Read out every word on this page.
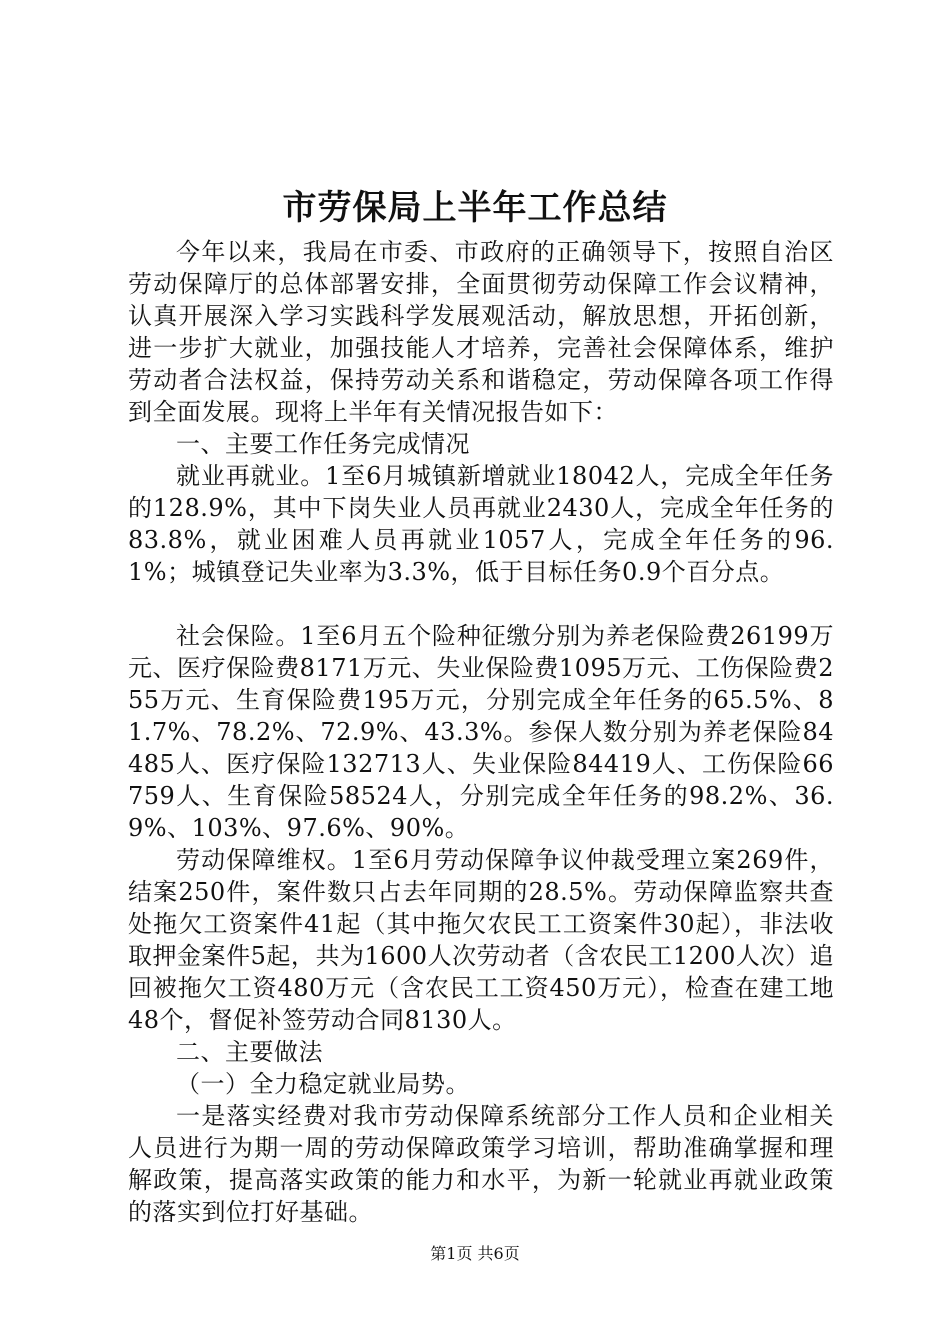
市劳保局上半年工作总结

今年以来，我局在市委、市政府的正确领导下，按照自治区劳动保障厅的总体部署安排，全面贯彻劳动保障工作会议精神，认真开展深入学习实践科学发展观活动，解放思想，开拓创新，进一步扩大就业，加强技能人才培养，完善社会保障体系，维护劳动者合法权益，保持劳动关系和谐稳定，劳动保障各项工作得到全面发展。现将上半年有关情况报告如下：

一、主要工作任务完成情况

就业再就业。1至6月城镇新增就业18042人，完成全年任务的128.9%，其中下岗失业人员再就业2430人，完成全年任务的83.8%，就业困难人员再就业1057人，完成全年任务的96.1%；城镇登记失业率为3.3%，低于目标任务0.9个百分点。

社会保险。1至6月五个险种征缴分别为养老保险费26199万元、医疗保险费8171万元、失业保险费1095万元、工伤保险费255万元、生育保险费195万元，分别完成全年任务的65.5%、81.7%、78.2%、72.9%、43.3%。参保人数分别为养老保险84485人、医疗保险132713人、失业保险84419人、工伤保险66759人、生育保险58524人，分别完成全年任务的98.2%、36.9%、103%、97.6%、90%。

劳动保障维权。1至6月劳动保障争议仲裁受理立案269件，结案250件，案件数只占去年同期的28.5%。劳动保障监察共查处拖欠工资案件41起（其中拖欠农民工工资案件30起），非法收取押金案件5起，共为1600人次劳动者（含农民工1200人次）追回被拖欠工资480万元（含农民工工资450万元），检查在建工地48个，督促补签劳动合同8130人。

二、主要做法

（一）全力稳定就业局势。

一是落实经费对我市劳动保障系统部分工作人员和企业相关人员进行为期一周的劳动保障政策学习培训，帮助准确掌握和理解政策，提高落实政策的能力和水平，为新一轮就业再就业政策的落实到位打好基础。

第1页 共6页
